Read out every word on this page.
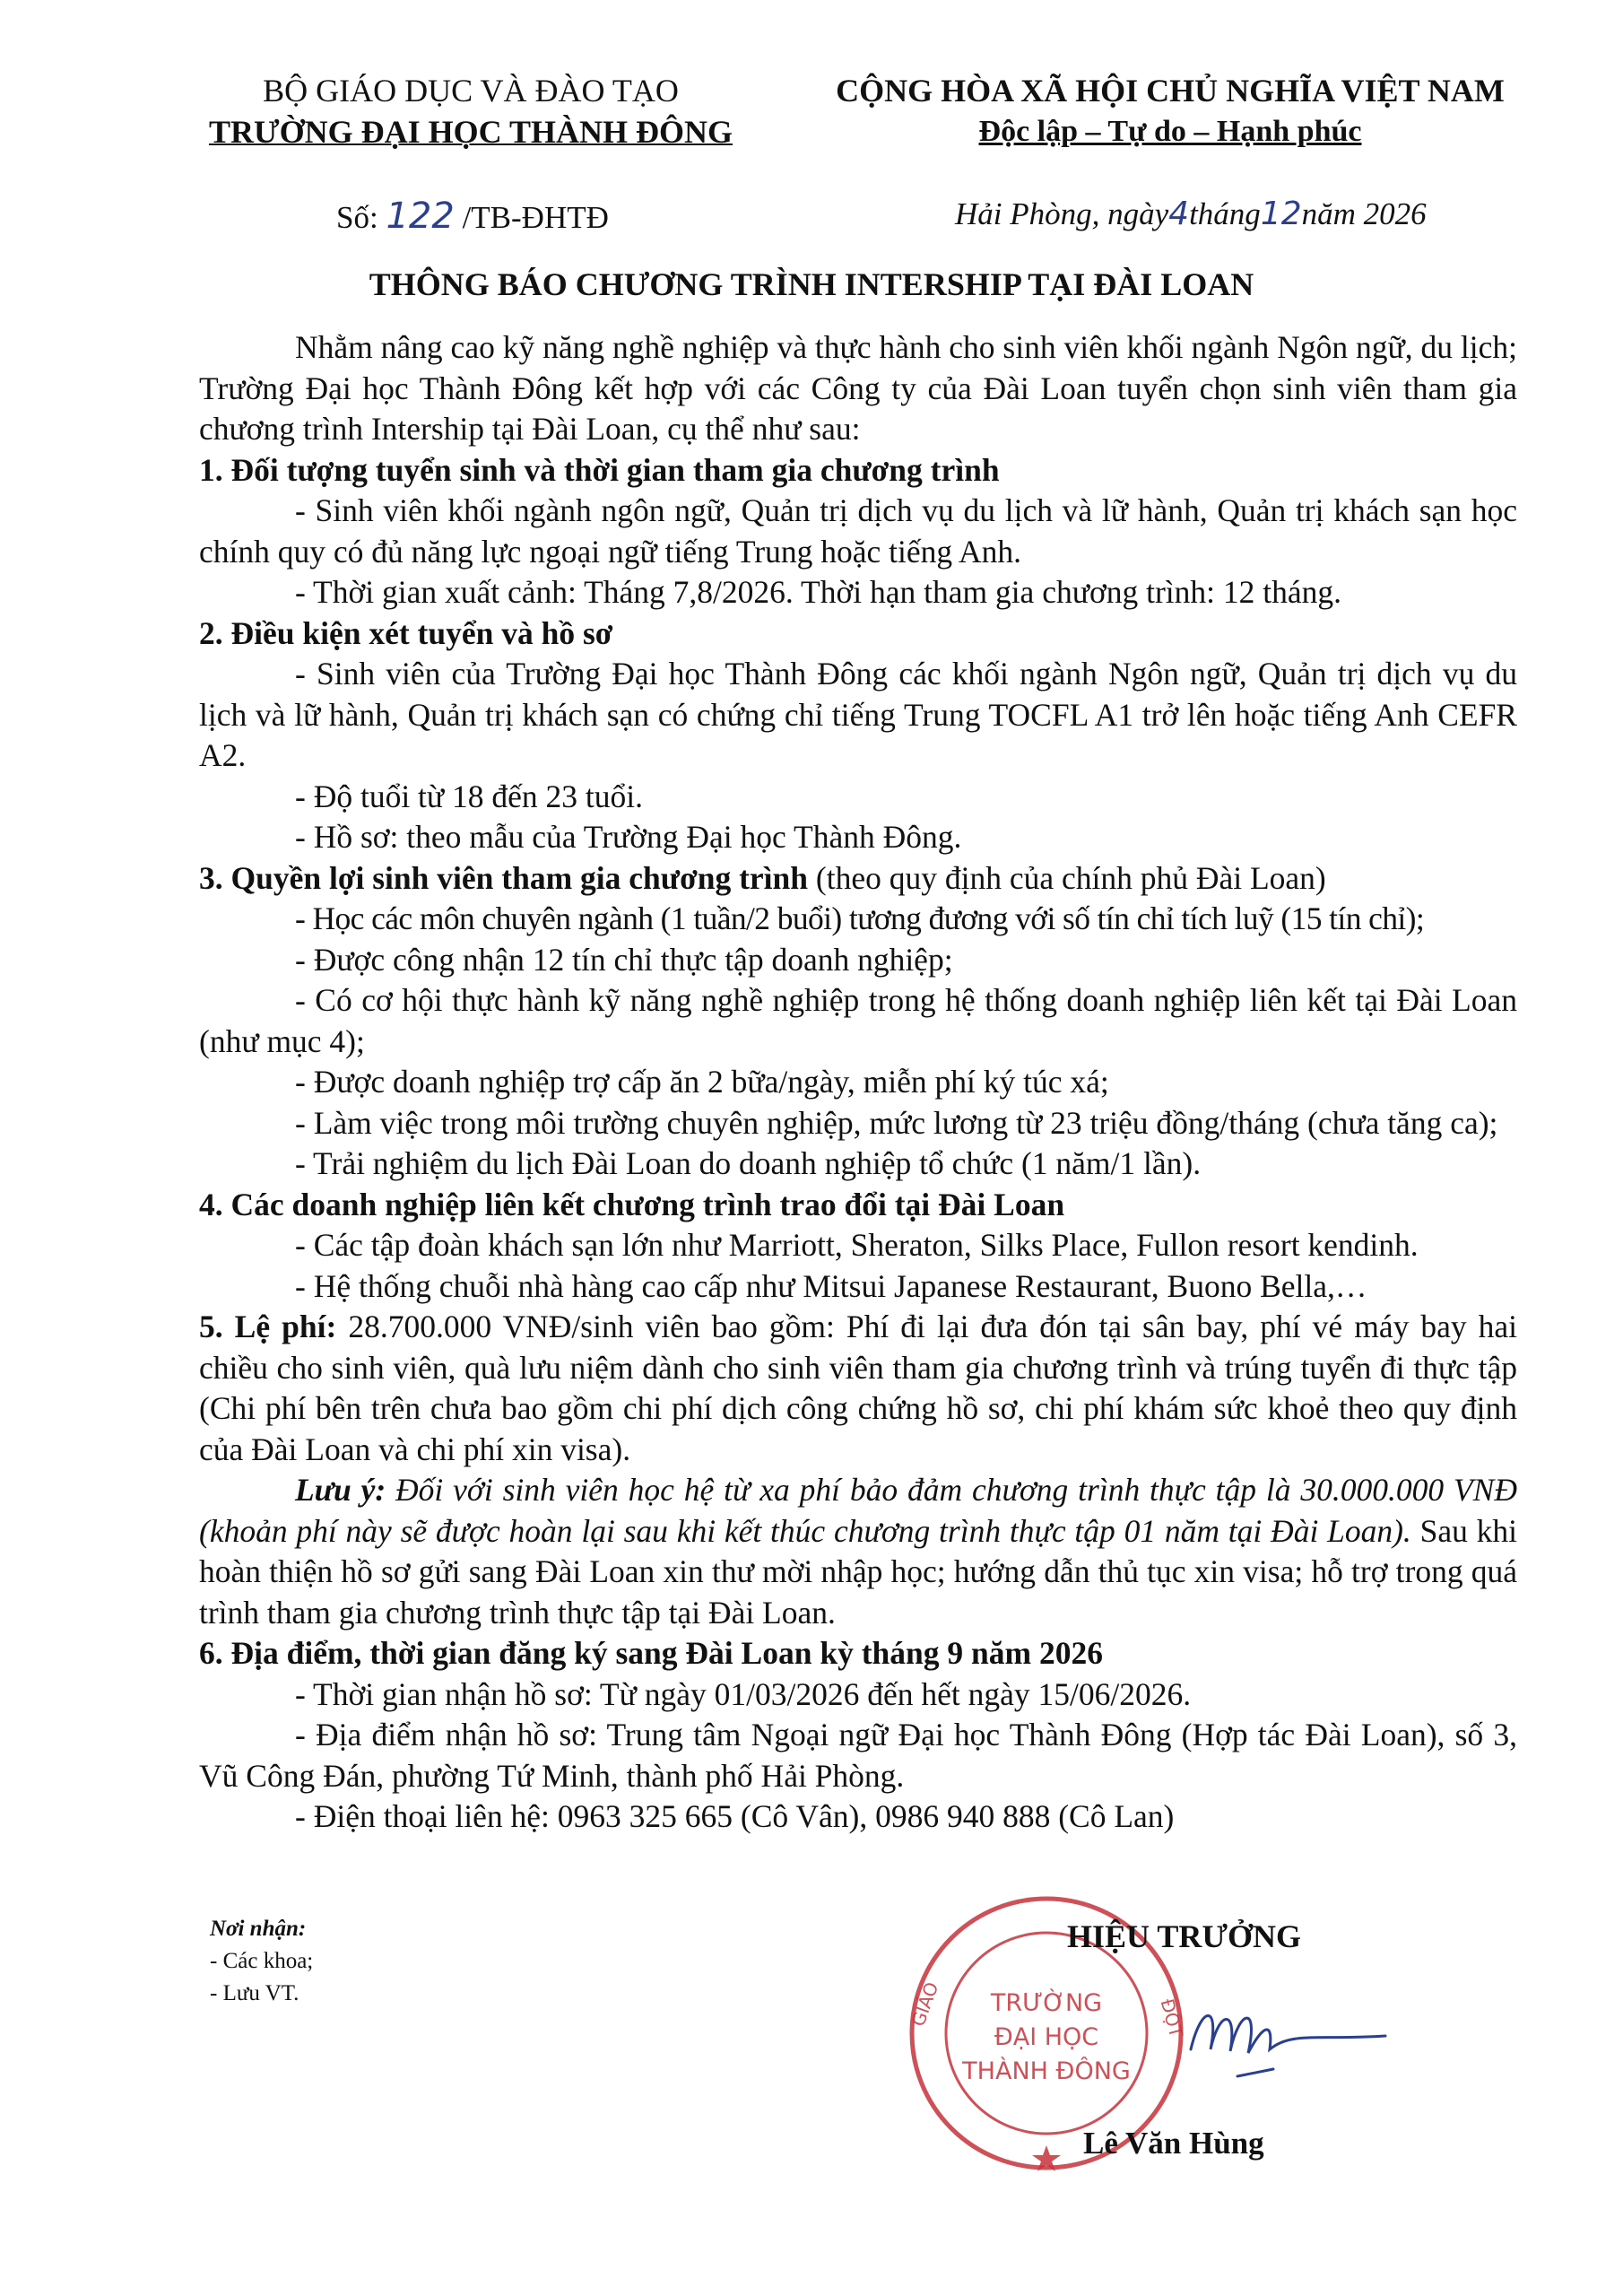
BỘ GIÁO DỤC VÀ ĐÀO TẠO
TRƯỜNG ĐẠI HỌC THÀNH ĐÔNG
CỘNG HÒA XÃ HỘI CHỦ NGHĨA VIỆT NAM
Độc lập – Tự do – Hạnh phúc
Số: 122 /TB-ĐHTĐ	Hải Phòng, ngày4tháng12năm 2026
THÔNG BÁO CHƯƠNG TRÌNH INTERSHIP TẠI ĐÀI LOAN

Nhằm nâng cao kỹ năng nghề nghiệp và thực hành cho sinh viên khối ngành Ngôn ngữ, du lịch; Trường Đại học Thành Đông kết hợp với các Công ty của Đài Loan tuyển chọn sinh viên tham gia chương trình Intership tại Đài Loan, cụ thể như sau:

1. Đối tượng tuyển sinh và thời gian tham gia chương trình

- Sinh viên khối ngành ngôn ngữ, Quản trị dịch vụ du lịch và lữ hành, Quản trị khách sạn học chính quy có đủ năng lực ngoại ngữ tiếng Trung hoặc tiếng Anh.

- Thời gian xuất cảnh: Tháng 7,8/2026. Thời hạn tham gia chương trình: 12 tháng.

2. Điều kiện xét tuyển và hồ sơ

- Sinh viên của Trường Đại học Thành Đông các khối ngành Ngôn ngữ, Quản trị dịch vụ du lịch và lữ hành, Quản trị khách sạn có chứng chỉ tiếng Trung TOCFL A1 trở lên hoặc tiếng Anh CEFR A2.

- Độ tuổi từ 18 đến 23 tuổi.

- Hồ sơ: theo mẫu của Trường Đại học Thành Đông.

3. Quyền lợi sinh viên tham gia chương trình (theo quy định của chính phủ Đài Loan)

- Học các môn chuyên ngành (1 tuần/2 buổi) tương đương với số tín chỉ tích luỹ (15 tín chỉ);

- Được công nhận 12 tín chỉ thực tập doanh nghiệp;

- Có cơ hội thực hành kỹ năng nghề nghiệp trong hệ thống doanh nghiệp liên kết tại Đài Loan (như mục 4);

- Được doanh nghiệp trợ cấp ăn 2 bữa/ngày, miễn phí ký túc xá;

- Làm việc trong môi trường chuyên nghiệp, mức lương từ 23 triệu đồng/tháng (chưa tăng ca);

- Trải nghiệm du lịch Đài Loan do doanh nghiệp tổ chức (1 năm/1 lần).

4. Các doanh nghiệp liên kết chương trình trao đổi tại Đài Loan

- Các tập đoàn khách sạn lớn như Marriott, Sheraton, Silks Place, Fullon resort kendinh.

- Hệ thống chuỗi nhà hàng cao cấp như Mitsui Japanese Restaurant, Buono Bella,…

5. Lệ phí: 28.700.000 VNĐ/sinh viên bao gồm: Phí đi lại đưa đón tại sân bay, phí vé máy bay hai chiều cho sinh viên, quà lưu niệm dành cho sinh viên tham gia chương trình và trúng tuyển đi thực tập (Chi phí bên trên chưa bao gồm chi phí dịch công chứng hồ sơ, chi phí khám sức khoẻ theo quy định của Đài Loan và chi phí xin visa).

Lưu ý: Đối với sinh viên học hệ từ xa phí bảo đảm chương trình thực tập là 30.000.000 VNĐ (khoản phí này sẽ được hoàn lại sau khi kết thúc chương trình thực tập 01 năm tại Đài Loan). Sau khi hoàn thiện hồ sơ gửi sang Đài Loan xin thư mời nhập học; hướng dẫn thủ tục xin visa; hỗ trợ trong quá trình tham gia chương trình thực tập tại Đài Loan.

6. Địa điểm, thời gian đăng ký sang Đài Loan kỳ tháng 9 năm 2026

- Thời gian nhận hồ sơ: Từ ngày 01/03/2026 đến hết ngày 15/06/2026.

- Địa điểm nhận hồ sơ: Trung tâm Ngoại ngữ Đại học Thành Đông (Hợp tác Đài Loan), số 3, Vũ Công Đán, phường Tứ Minh, thành phố Hải Phòng.

- Điện thoại liên hệ: 0963 325 665 (Cô Vân), 0986 940 888 (Cô Lan)

Nơi nhận:
- Các khoa;
- Lưu VT.	TRƯỜNG
ĐẠI HỌC
THÀNH ĐÔNG
GIÁO	ĐỘT
HIỆU TRƯỞNG
Lê Văn Hùng
